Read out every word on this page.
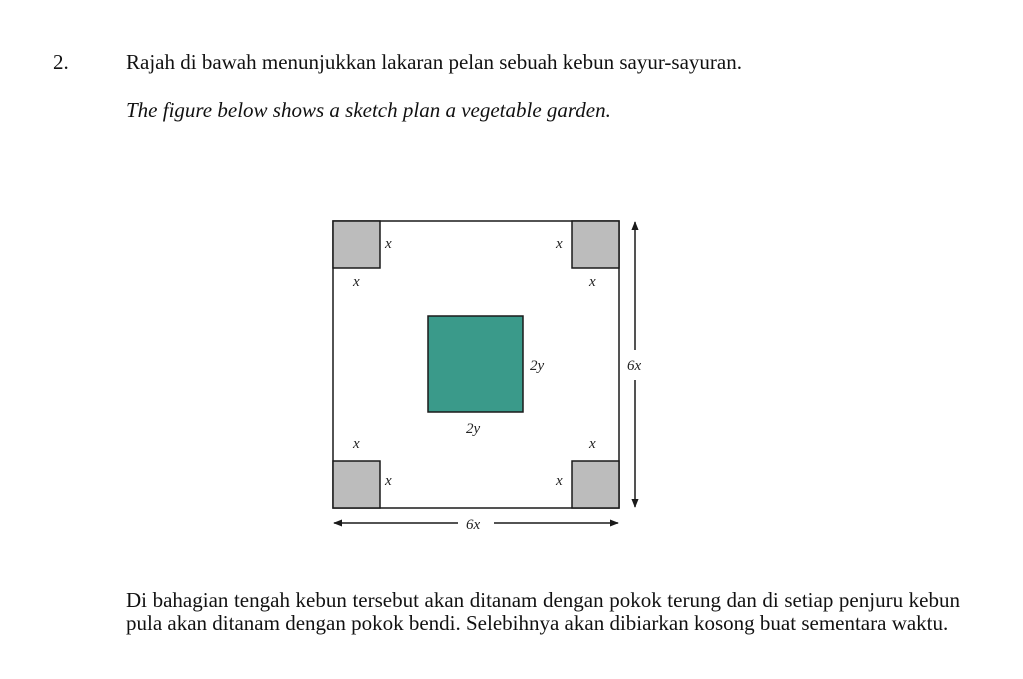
2.	Rajah di bawah menunjukkan lakaran pelan sebuah kebun sayur-sayuran.
The figure below shows a sketch plan a vegetable garden.
x
x
x
x
x
x
x
x
2y
2y
6x
6x
Di bahagian tengah kebun tersebut akan ditanam dengan pokok terung dan di setiap penjuru kebun pula akan ditanam dengan pokok bendi. Selebihnya akan dibiarkan kosong buat sementara waktu.
